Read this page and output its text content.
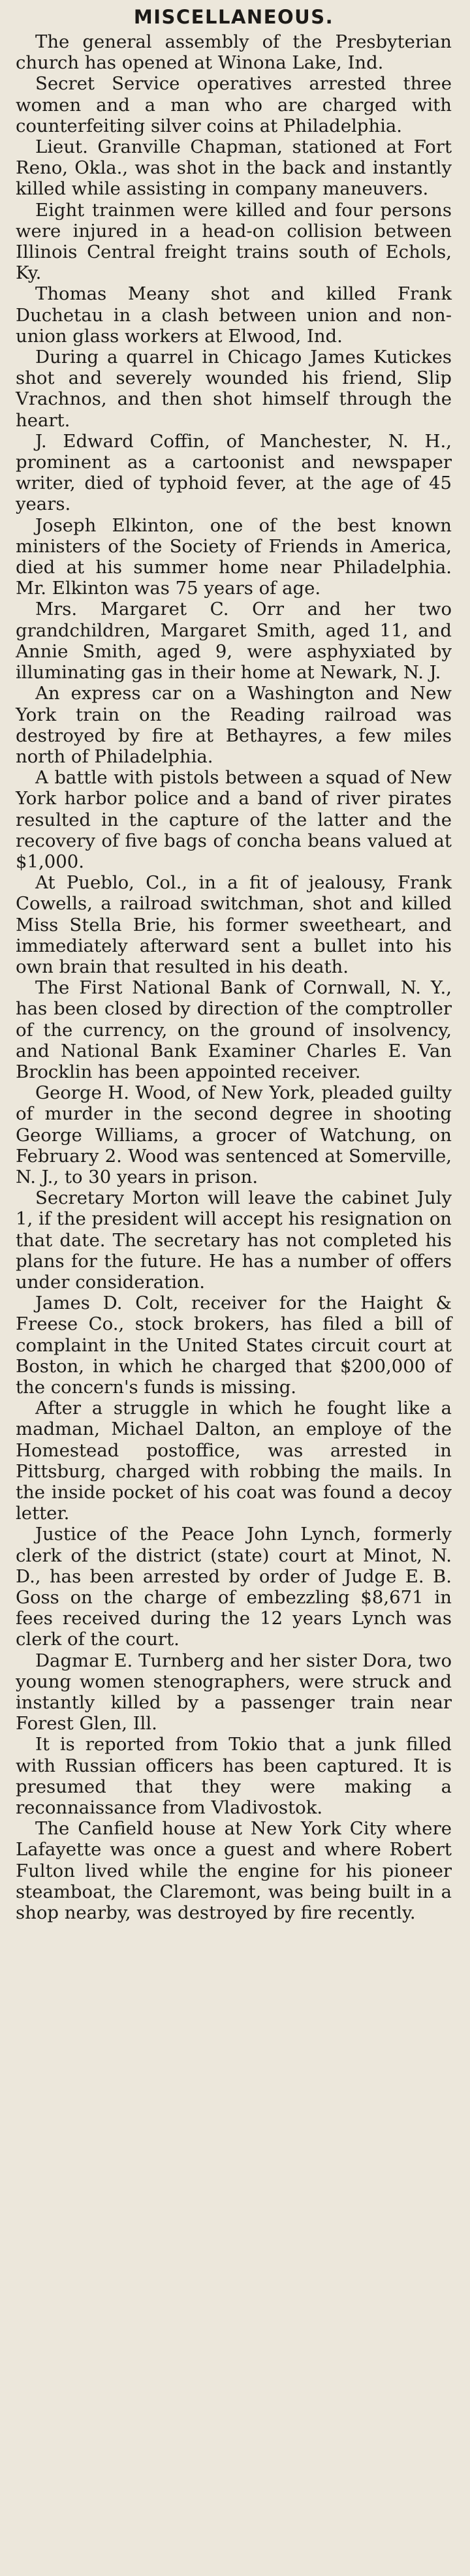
MISCELLANEOUS.

The general assembly of the Presbyterian church has opened at Winona Lake, Ind.

Secret Service operatives arrested three women and a man who are charged with counterfeiting silver coins at Philadelphia.

Lieut. Granville Chapman, stationed at Fort Reno, Okla., was shot in the back and instantly killed while assisting in company maneuvers.

Eight trainmen were killed and four persons were injured in a head-on collision between Illinois Central freight trains south of Echols, Ky.

Thomas Meany shot and killed Frank Duchetau in a clash between union and non-union glass workers at Elwood, Ind.

During a quarrel in Chicago James Kutickes shot and severely wounded his friend, Slip Vrachnos, and then shot himself through the heart.

J. Edward Coffin, of Manchester, N. H., prominent as a cartoonist and newspaper writer, died of typhoid fever, at the age of 45 years.

Joseph Elkinton, one of the best known ministers of the Society of Friends in America, died at his summer home near Philadelphia. Mr. Elkinton was 75 years of age.

Mrs. Margaret C. Orr and her two grandchildren, Margaret Smith, aged 11, and Annie Smith, aged 9, were asphyxiated by illuminating gas in their home at Newark, N. J.

An express car on a Washington and New York train on the Reading railroad was destroyed by fire at Bethayres, a few miles north of Philadelphia.

A battle with pistols between a squad of New York harbor police and a band of river pirates resulted in the capture of the latter and the recovery of five bags of concha beans valued at $1,000.

At Pueblo, Col., in a fit of jealousy, Frank Cowells, a railroad switchman, shot and killed Miss Stella Brie, his former sweetheart, and immediately afterward sent a bullet into his own brain that resulted in his death.

The First National Bank of Cornwall, N. Y., has been closed by direction of the comptroller of the currency, on the ground of insolvency, and National Bank Examiner Charles E. Van Brocklin has been appointed receiver.

George H. Wood, of New York, pleaded guilty of murder in the second degree in shooting George Williams, a grocer of Watchung, on February 2. Wood was sentenced at Somerville, N. J., to 30 years in prison.

Secretary Morton will leave the cabinet July 1, if the president will accept his resignation on that date. The secretary has not completed his plans for the future. He has a number of offers under consideration.

James D. Colt, receiver for the Haight & Freese Co., stock brokers, has filed a bill of complaint in the United States circuit court at Boston, in which he charged that $200,000 of the concern's funds is missing.

After a struggle in which he fought like a madman, Michael Dalton, an employe of the Homestead postoffice, was arrested in Pittsburg, charged with robbing the mails. In the inside pocket of his coat was found a decoy letter.

Justice of the Peace John Lynch, formerly clerk of the district (state) court at Minot, N. D., has been arrested by order of Judge E. B. Goss on the charge of embezzling $8,671 in fees received during the 12 years Lynch was clerk of the court.

Dagmar E. Turnberg and her sister Dora, two young women stenographers, were struck and instantly killed by a passenger train near Forest Glen, Ill.

It is reported from Tokio that a junk filled with Russian officers has been captured. It is presumed that they were making a reconnaissance from Vladivostok.

The Canfield house at New York City where Lafayette was once a guest and where Robert Fulton lived while the engine for his pioneer steamboat, the Claremont, was being built in a shop nearby, was destroyed by fire recently.
